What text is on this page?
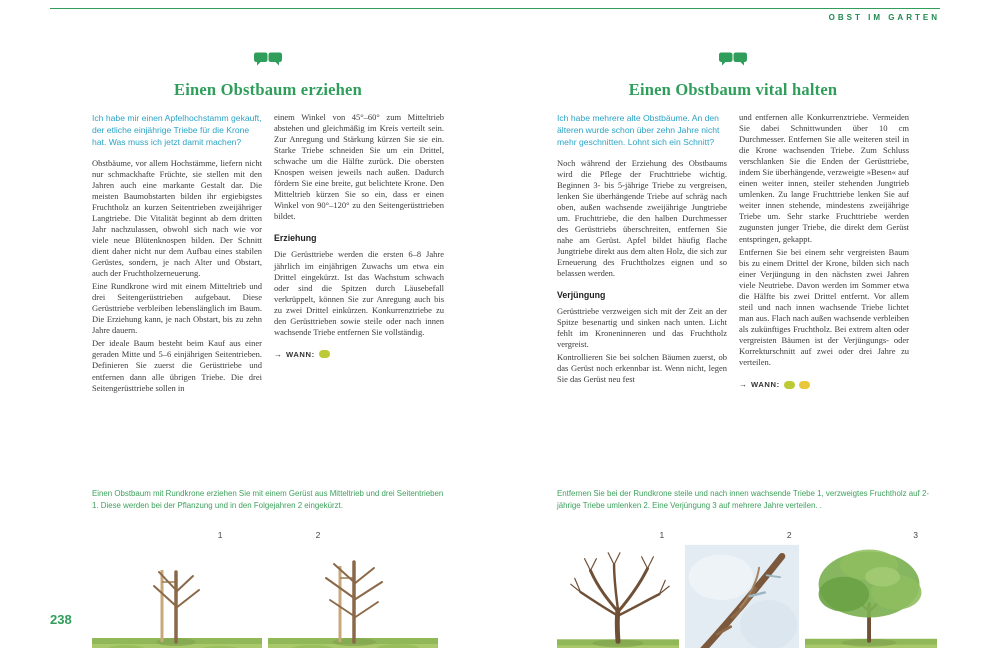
OBST IM GARTEN
Einen Obstbaum erziehen

Ich habe mir einen Apfelhochstamm gekauft, der etliche einjährige Triebe für die Krone hat. Was muss ich jetzt damit machen?

Obstbäume, vor allem Hochstämme, liefern nicht nur schmackhafte Früchte, sie stellen mit den Jahren auch eine markante Gestalt dar. Die meisten Baumobstarten bilden ihr ergiebigstes Fruchtholz an kurzen Seitentrieben zweijähriger Langtriebe. Die Vitalität beginnt ab dem dritten Jahr nachzulassen, obwohl sich nach wie vor viele neue Blütenknospen bilden. Der Schnitt dient daher nicht nur dem Aufbau eines stabilen Gerüstes, sondern, je nach Alter und Obstart, auch der Fruchtholzerneuerung.

Eine Rundkrone wird mit einem Mitteltrieb und drei Seitengerüsttrieben aufgebaut. Diese Gerüsttriebe verbleiben lebenslänglich im Baum. Die Erziehung kann, je nach Obstart, bis zu zehn Jahre dauern.

Der ideale Baum besteht beim Kauf aus einer geraden Mitte und 5–6 einjährigen Seitentrieben. Definieren Sie zuerst die Gerüsttriebe und entfernen dann alle übrigen Triebe. Die drei Seitengerüsttriebe sollen in

einem Winkel von 45°–60° zum Mitteltrieb abstehen und gleichmäßig im Kreis verteilt sein. Zur Anregung und Stärkung kürzen Sie sie ein. Starke Triebe schneiden Sie um ein Drittel, schwache um die Hälfte zurück. Die obersten Knospen weisen jeweils nach außen. Dadurch fördern Sie eine breite, gut belichtete Krone. Den Mitteltrieb kürzen Sie so ein, dass er einen Winkel von 90°–120° zu den Seitengerüsttrieben bildet.

Erziehung

Die Gerüsttriebe werden die ersten 6–8 Jahre jährlich im einjährigen Zuwachs um etwa ein Drittel eingekürzt. Ist das Wachstum schwach oder sind die Spitzen durch Läusebefall verkrüppelt, können Sie zur Anregung auch bis zu zwei Drittel einkürzen. Konkurrenztriebe zu den Gerüsttrieben sowie steile oder nach innen wachsende Triebe entfernen Sie vollständig.

→ WANN:

Einen Obstbaum mit Rundkrone erziehen Sie mit einem Gerüst aus Mitteltrieb und drei Seitentrieben 1. Diese werden bei der Pflanzung und in den Folgejahren 2 eingekürzt.

1	2
Einen Obstbaum vital halten

Ich habe mehrere alte Obstbäume. An den älteren wurde schon über zehn Jahre nicht mehr geschnitten. Lohnt sich ein Schnitt?

Noch während der Erziehung des Obstbaums wird die Pflege der Fruchttriebe wichtig. Beginnen 3- bis 5-jährige Triebe zu vergreisen, lenken Sie überhängende Triebe auf schräg nach oben, außen wachsende zweijährige Jungtriebe um. Fruchttriebe, die den halben Durchmesser des Gerüsttriebs überschreiten, entfernen Sie nahe am Gerüst. Apfel bildet häufig flache Jungtriebe direkt aus dem alten Holz, die sich zur Erneuerung des Fruchtholzes eignen und so belassen werden.

Verjüngung

Gerüsttriebe verzweigen sich mit der Zeit an der Spitze besenartig und sinken nach unten. Licht fehlt im Kroneninneren und das Fruchtholz vergreist.

Kontrollieren Sie bei solchen Bäumen zuerst, ob das Gerüst noch erkennbar ist. Wenn nicht, legen Sie das Gerüst neu fest

und entfernen alle Konkurrenztriebe. Vermeiden Sie dabei Schnittwunden über 10 cm Durchmesser. Entfernen Sie alle weiteren steil in die Krone wachsenden Triebe. Zum Schluss verschlanken Sie die Enden der Gerüsttriebe, indem Sie überhängende, verzweigte »Besen« auf einen weiter innen, steiler stehenden Jungtrieb umlenken. Zu lange Fruchttriebe lenken Sie auf weiter innen stehende, mindestens zweijährige Triebe um. Sehr starke Fruchttriebe werden zugunsten junger Triebe, die direkt dem Gerüst entspringen, gekappt.

Entfernen Sie bei einem sehr vergreisten Baum bis zu einem Drittel der Krone, bilden sich nach einer Verjüngung in den nächsten zwei Jahren viele Neutriebe. Davon werden im Sommer etwa die Hälfte bis zwei Drittel entfernt. Vor allem steil und nach innen wachsende Triebe lichtet man aus. Flach nach außen wachsende verbleiben als zukünftiges Fruchtholz. Bei extrem alten oder vergreisten Bäumen ist der Verjüngungs- oder Korrekturschnitt auf zwei oder drei Jahre zu verteilen.

→ WANN:

Entfernen Sie bei der Rundkrone steile und nach innen wachsende Triebe 1, verzweigtes Fruchtholz auf 2-jährige Triebe umlenken 2. Eine Verjüngung 3 auf mehrere Jahre verteilen. .

1	2	3
238
